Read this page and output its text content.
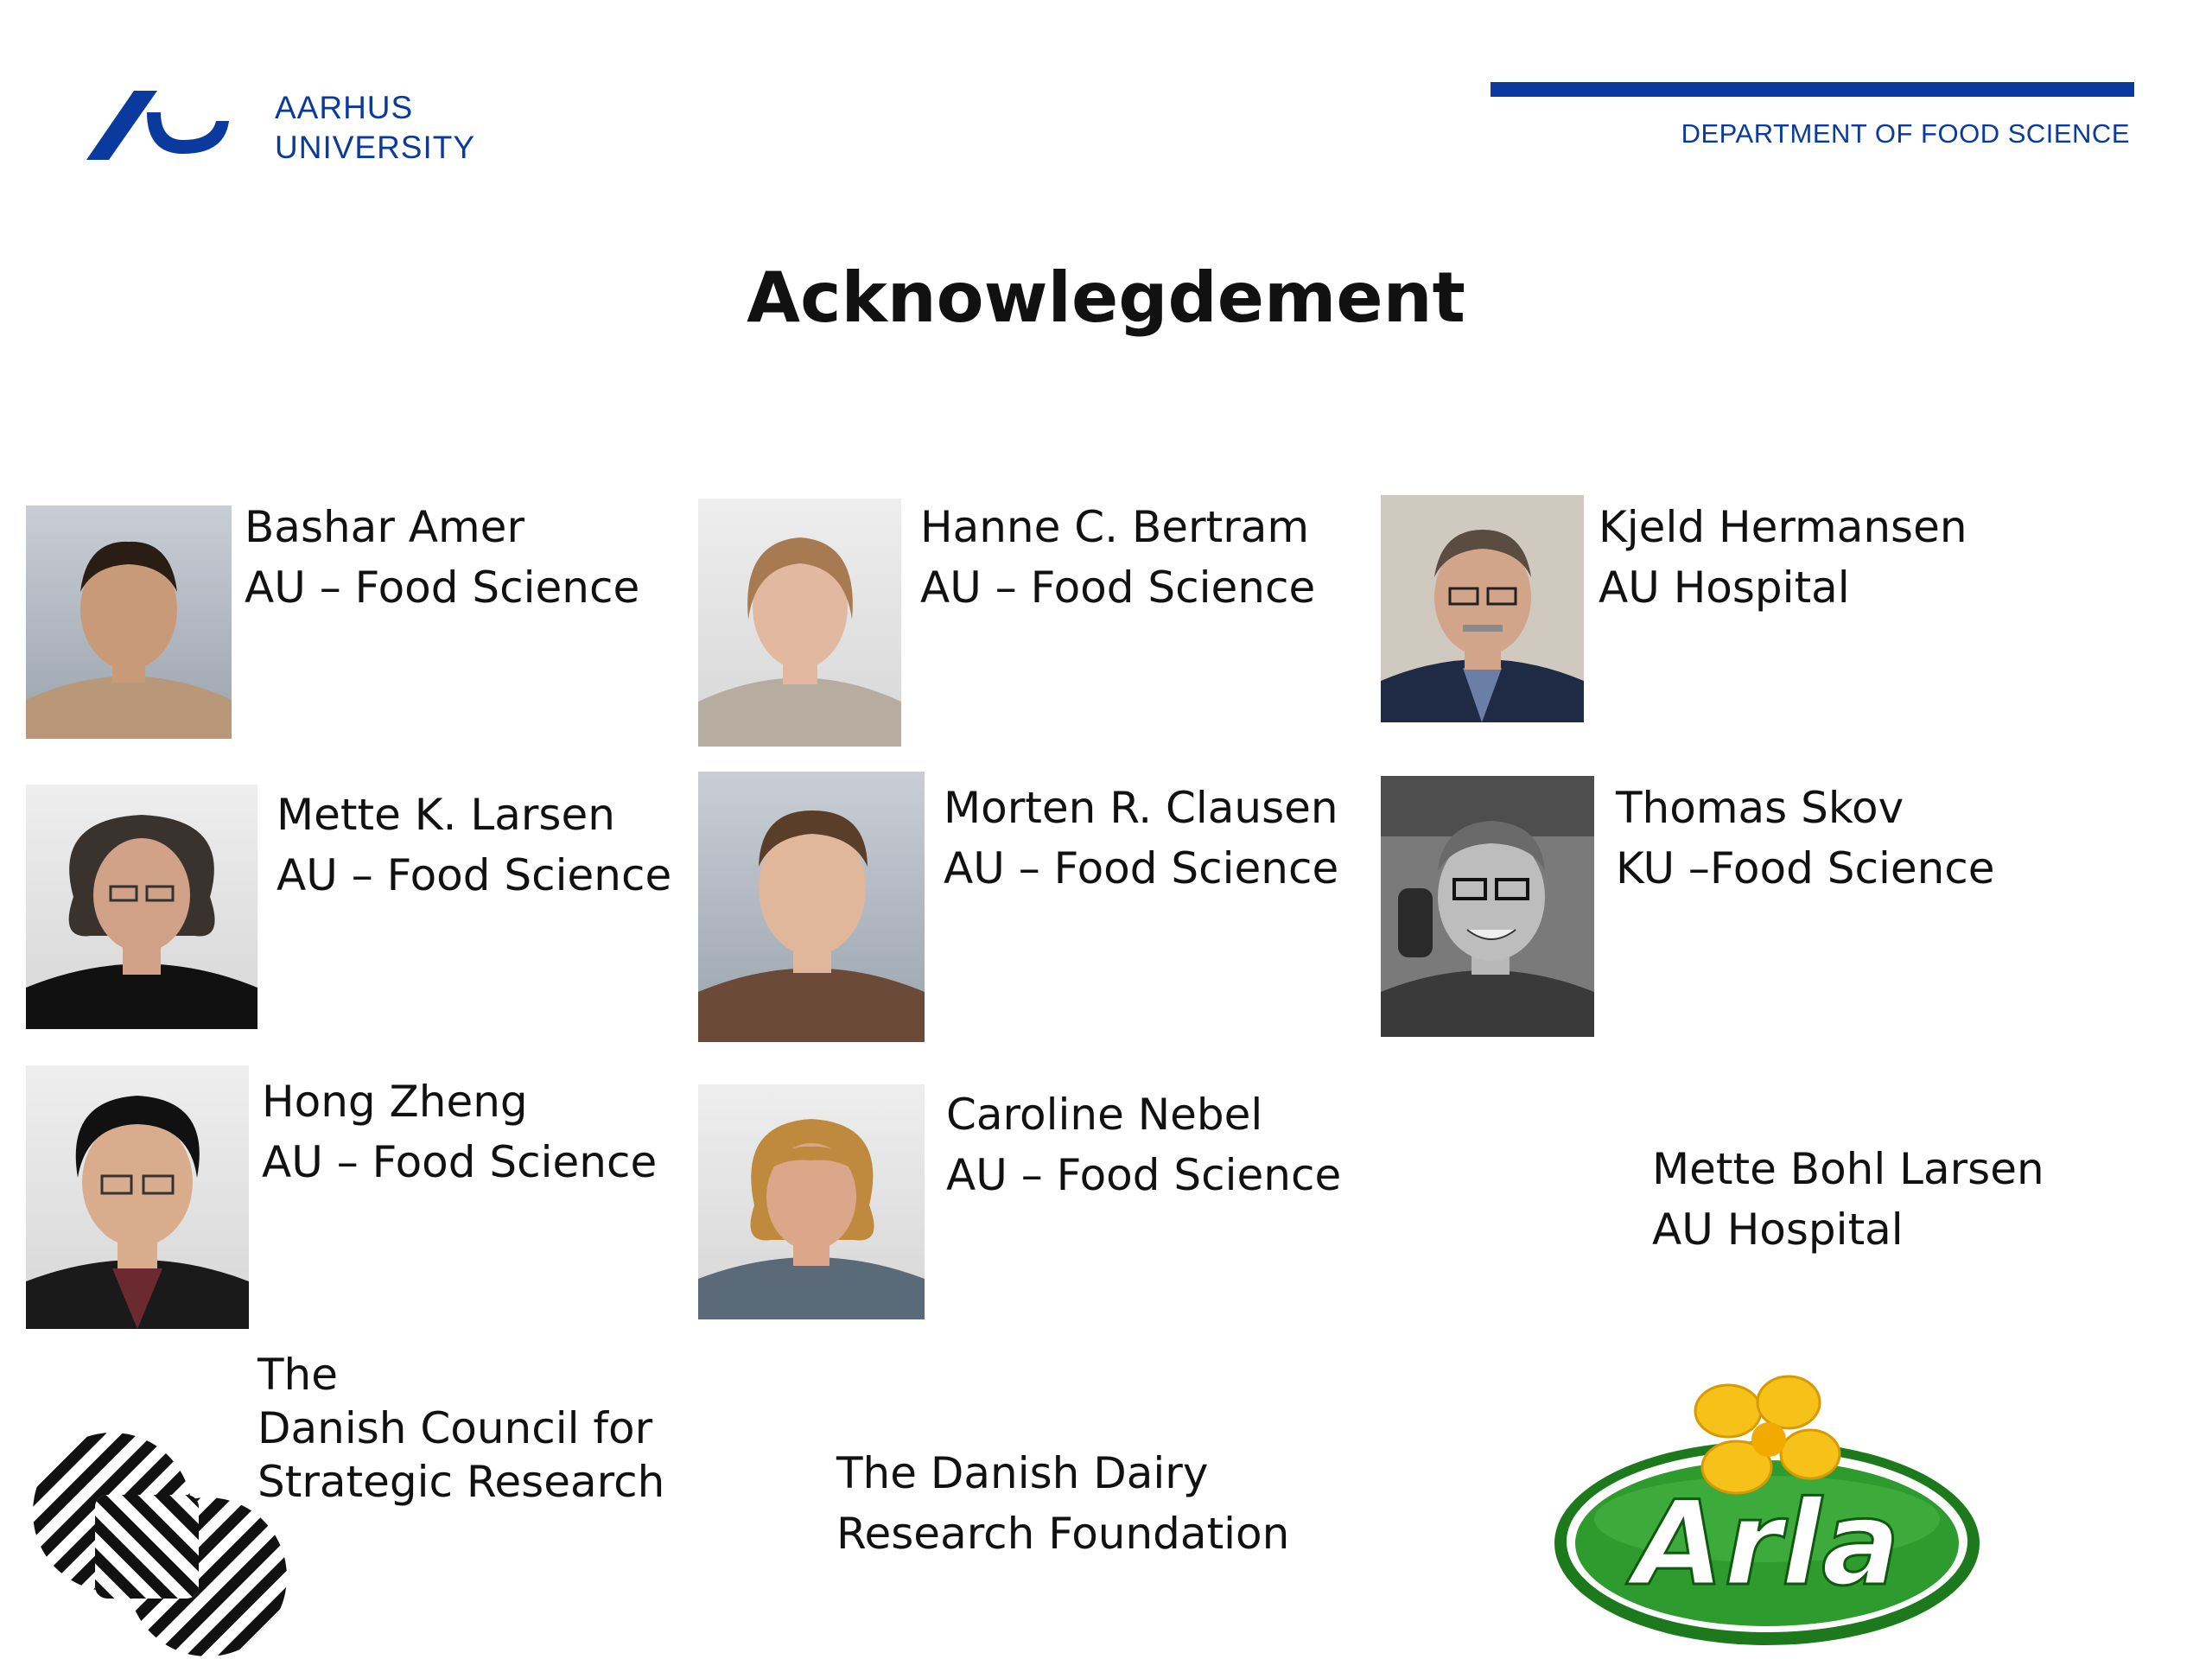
AARHUS
UNIVERSITY	DEPARTMENT OF FOOD SCIENCE
Acknowlegdement
Bashar Amer
AU – Food Science
Hanne C. Bertram
AU – Food Science
Kjeld Hermansen
AU Hospital
Mette K. Larsen
AU – Food Science
Morten R. Clausen
AU – Food Science
Thomas Skov
KU –Food Science
Hong Zheng
AU – Food Science
Caroline Nebel
AU – Food Science	Mette Bohl Larsen
AU Hospital
The
Danish Council for
Strategic Research	The Danish Dairy
Research Foundation	Arla
